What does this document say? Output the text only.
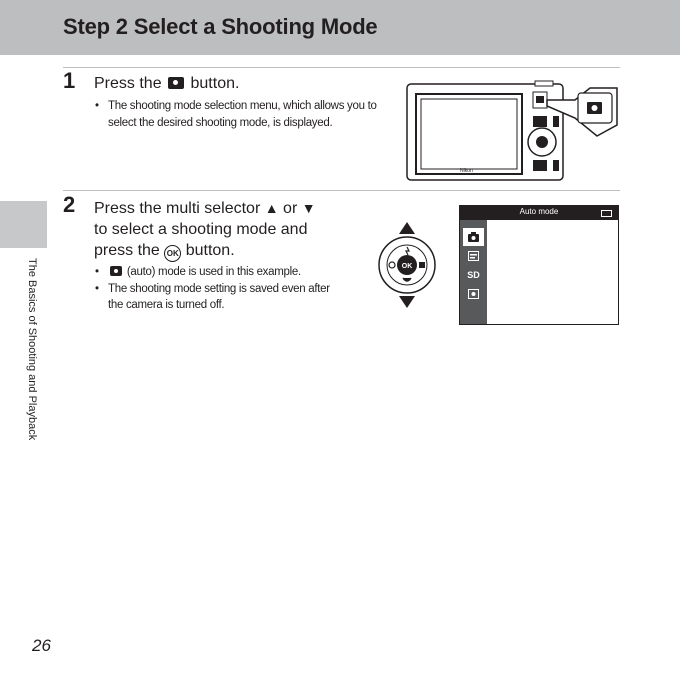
Step 2 Select a Shooting Mode
The Basics of Shooting and Playback
1 Press the button.
• The shooting mode selection menu, which allows you to select the desired shooting mode, is displayed.
Nikon
2 Press the multi selector ▲ or ▼
to select a shooting mode and
press the OK button.
• (auto) mode is used in this example.
• The shooting mode setting is saved even after the camera is turned off.
OK
Auto mode
SD
26
